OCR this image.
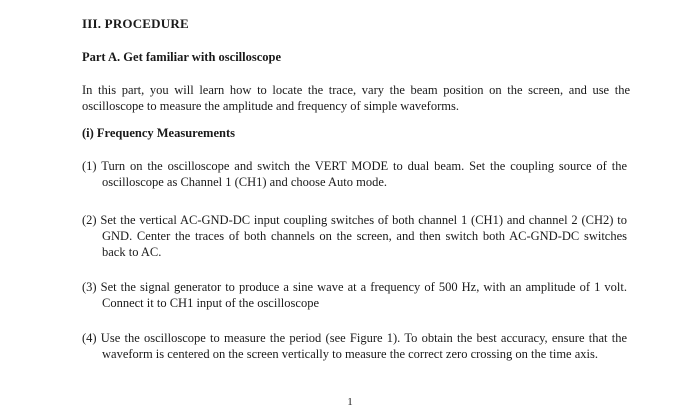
III. PROCEDURE
Part A. Get familiar with oscilloscope
In this part, you will learn how to locate the trace, vary the beam position on the screen, and use the oscilloscope to measure the amplitude and frequency of simple waveforms.
(i) Frequency Measurements
(1) Turn on the oscilloscope and switch the VERT MODE to dual beam. Set the coupling source of the oscilloscope as Channel 1 (CH1) and choose Auto mode.
(2) Set the vertical AC-GND-DC input coupling switches of both channel 1 (CH1) and channel 2 (CH2) to GND. Center the traces of both channels on the screen, and then switch both AC-GND-DC switches back to AC.
(3) Set the signal generator to produce a sine wave at a frequency of 500 Hz, with an amplitude of 1 volt. Connect it to CH1 input of the oscilloscope
(4) Use the oscilloscope to measure the period (see Figure 1). To obtain the best accuracy, ensure that the waveform is centered on the screen vertically to measure the correct zero crossing on the time axis.
1
